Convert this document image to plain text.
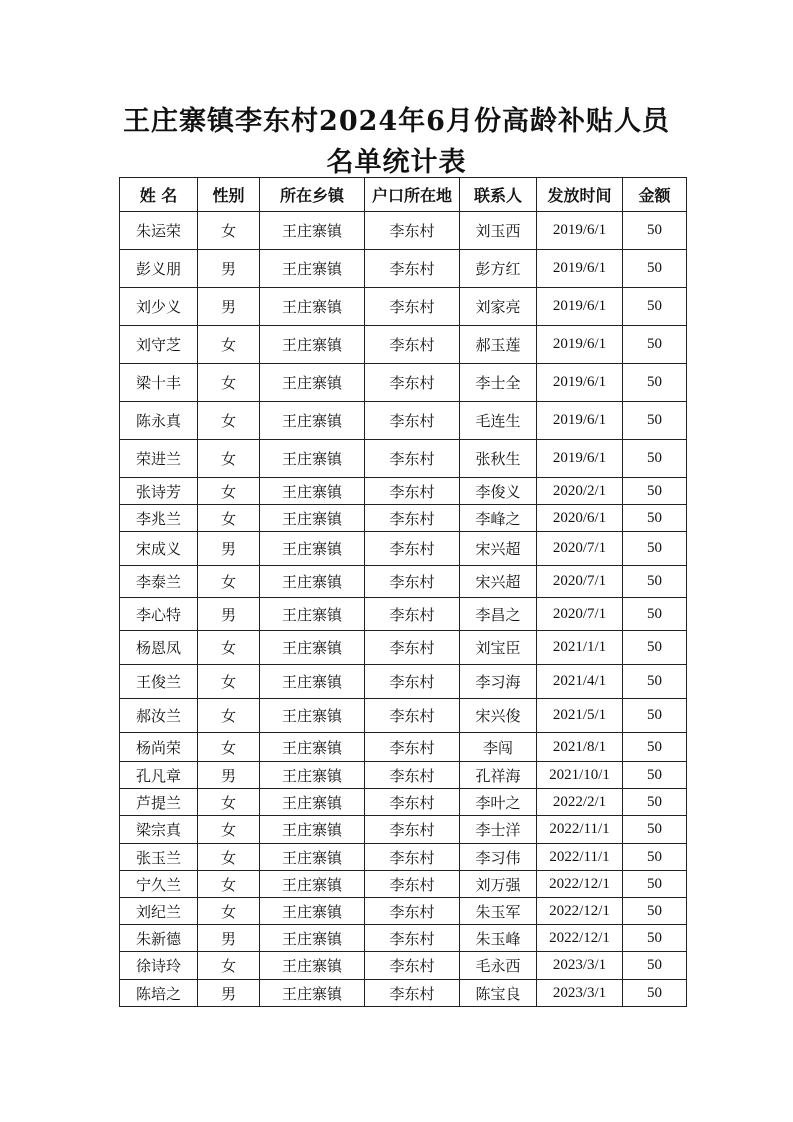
王庄寨镇李东村2024年6月份高龄补贴人员
名单统计表
姓 名	性别	所在乡镇	户口所在地	联系人	发放时间	金额
朱运荣	女	王庄寨镇	李东村	刘玉西	2019/6/1	50
彭义朋	男	王庄寨镇	李东村	彭方红	2019/6/1	50
刘少义	男	王庄寨镇	李东村	刘家亮	2019/6/1	50
刘守芝	女	王庄寨镇	李东村	郝玉莲	2019/6/1	50
梁十丰	女	王庄寨镇	李东村	李士全	2019/6/1	50
陈永真	女	王庄寨镇	李东村	毛连生	2019/6/1	50
荣进兰	女	王庄寨镇	李东村	张秋生	2019/6/1	50
张诗芳	女	王庄寨镇	李东村	李俊义	2020/2/1	50
李兆兰	女	王庄寨镇	李东村	李峰之	2020/6/1	50
宋成义	男	王庄寨镇	李东村	宋兴超	2020/7/1	50
李泰兰	女	王庄寨镇	李东村	宋兴超	2020/7/1	50
李心特	男	王庄寨镇	李东村	李昌之	2020/7/1	50
杨恩凤	女	王庄寨镇	李东村	刘宝臣	2021/1/1	50
王俊兰	女	王庄寨镇	李东村	李习海	2021/4/1	50
郝汝兰	女	王庄寨镇	李东村	宋兴俊	2021/5/1	50
杨尚荣	女	王庄寨镇	李东村	李闯	2021/8/1	50
孔凡章	男	王庄寨镇	李东村	孔祥海	2021/10/1	50
芦提兰	女	王庄寨镇	李东村	李叶之	2022/2/1	50
梁宗真	女	王庄寨镇	李东村	李士洋	2022/11/1	50
张玉兰	女	王庄寨镇	李东村	李习伟	2022/11/1	50
宁久兰	女	王庄寨镇	李东村	刘万强	2022/12/1	50
刘纪兰	女	王庄寨镇	李东村	朱玉军	2022/12/1	50
朱新德	男	王庄寨镇	李东村	朱玉峰	2022/12/1	50
徐诗玲	女	王庄寨镇	李东村	毛永西	2023/3/1	50
陈培之	男	王庄寨镇	李东村	陈宝良	2023/3/1	50
